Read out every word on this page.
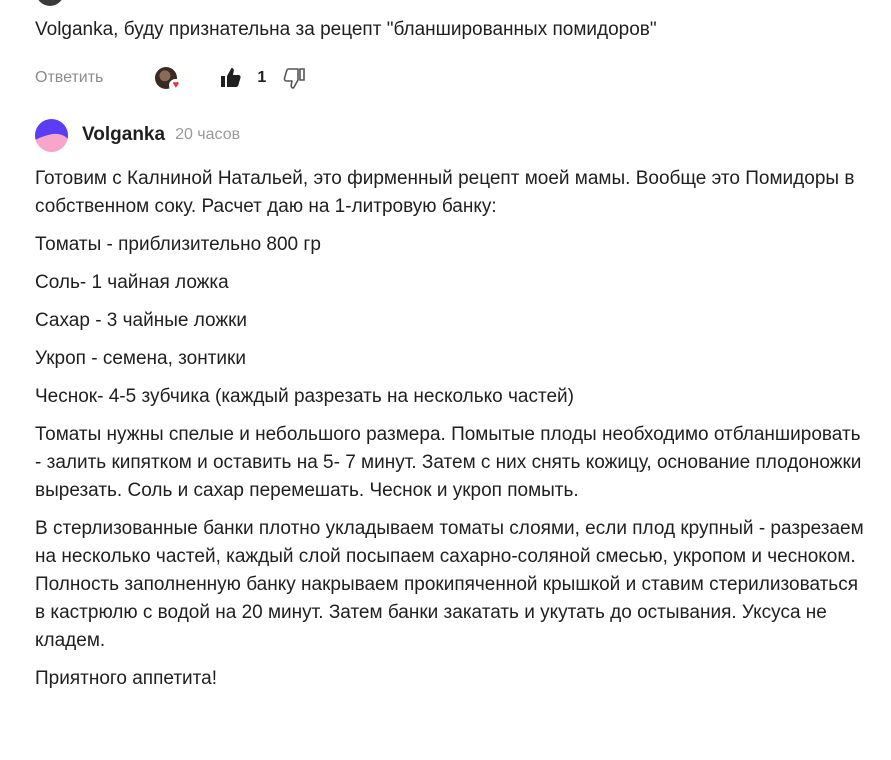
Volganka, буду признательна за рецепт "бланшированных помидоров"
Ответить	♥	1
Volganka 20 часов

Готовим с Калниной Натальей, это фирменный рецепт моей мамы. Вообще это Помидоры в собственном соку. Расчет даю на 1-литровую банку:

Томаты - приблизительно 800 гр

Соль- 1 чайная ложка

Сахар - 3 чайные ложки

Укроп - семена, зонтики

Чеснок- 4-5 зубчика (каждый разрезать на несколько частей)

Томаты нужны спелые и небольшого размера. Помытые плоды необходимо отбланшировать - залить кипятком и оставить на 5- 7 минут. Затем с них снять кожицу, основание плодоножки вырезать. Соль и сахар перемешать. Чеснок и укроп помыть.

В стерлизованные банки плотно укладываем томаты слоями, если плод крупный - разрезаем на несколько частей, каждый слой посыпаем сахарно-соляной смесью, укропом и чесноком. Полность заполненную банку накрываем прокипяченной крышкой и ставим стерилизоваться в кастрюлю с водой на 20 минут. Затем банки закатать и укутать до остывания. Уксуса не кладем.

Приятного аппетита!
